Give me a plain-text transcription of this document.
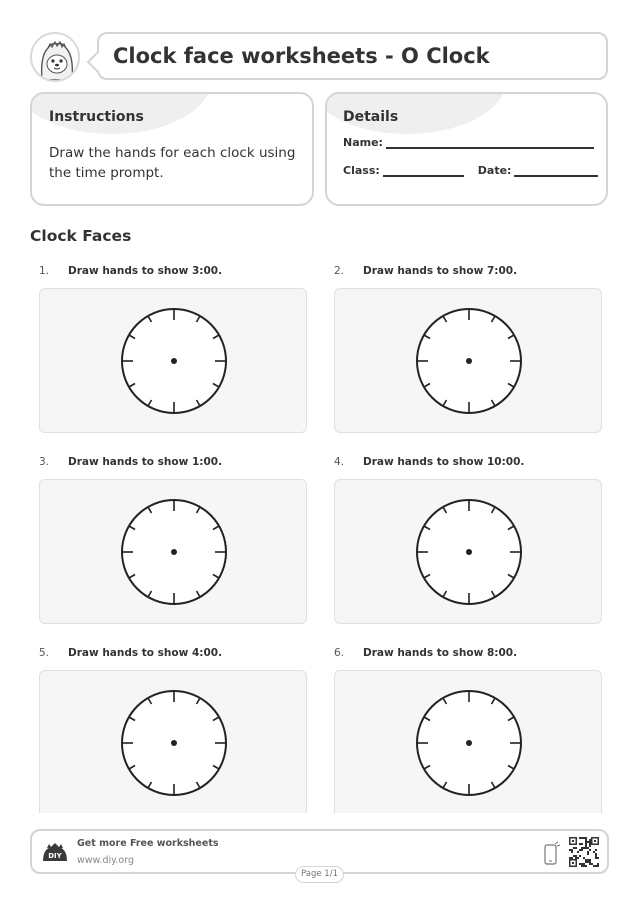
Clock face worksheets - O Clock
Instructions

Draw the hands for each clock using the time prompt.

Details
Name:
Class:	Date:
Clock Faces
1. Draw hands to show 3:00.	2. Draw hands to show 7:00.
3. Draw hands to show 1:00.	4. Draw hands to show 10:00.
5. Draw hands to show 4:00.	6. Draw hands to show 8:00.
DIY
Get more Free worksheets
www.diy.org
Page 1/1
